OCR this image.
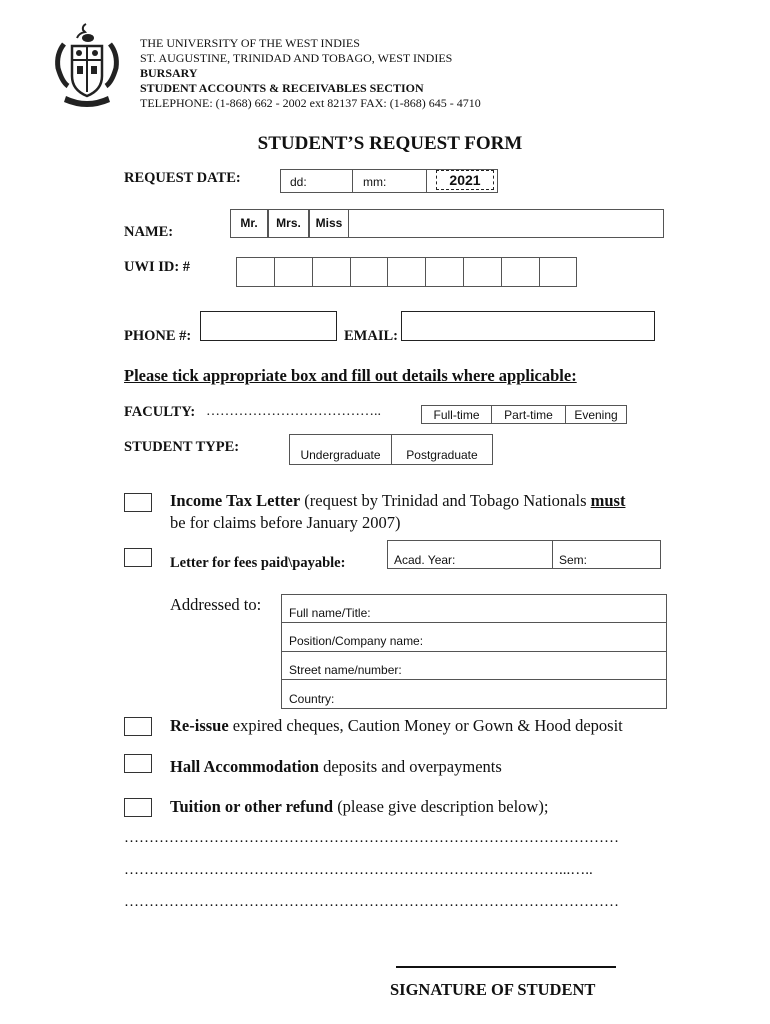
THE UNIVERSITY OF THE WEST INDIES
ST. AUGUSTINE, TRINIDAD AND TOBAGO, WEST INDIES
BURSARY
STUDENT ACCOUNTS & RECEIVABLES SECTION
TELEPHONE: (1-868) 662 - 2002 ext 82137 FAX: (1-868) 645 - 4710
STUDENT’S REQUEST FORM
REQUEST DATE:	dd:	mm:	2021
NAME:
Mr.	Mrs.	Miss
UWI ID: #
PHONE #:	EMAIL:
Please tick appropriate box and fill out details where applicable:
FACULTY: ………………………………..	Full-time	Part-time	Evening
STUDENT TYPE:	Undergraduate	Postgraduate
Income Tax Letter (request by Trinidad and Tobago Nationals must
be for claims before January 2007)
Letter for fees paid\payable:	Acad. Year:	Sem:
Addressed to:	Full name/Title:
Position/Company name:
Street name/number:
Country:
Re-issue expired cheques, Caution Money or Gown & Hood deposit
Hall Accommodation deposits and overpayments
Tuition or other refund (please give description below);
………………………………………………………………………………………
……………………………………………………………………………...…..
………………………………………………………………………………………
SIGNATURE OF STUDENT
